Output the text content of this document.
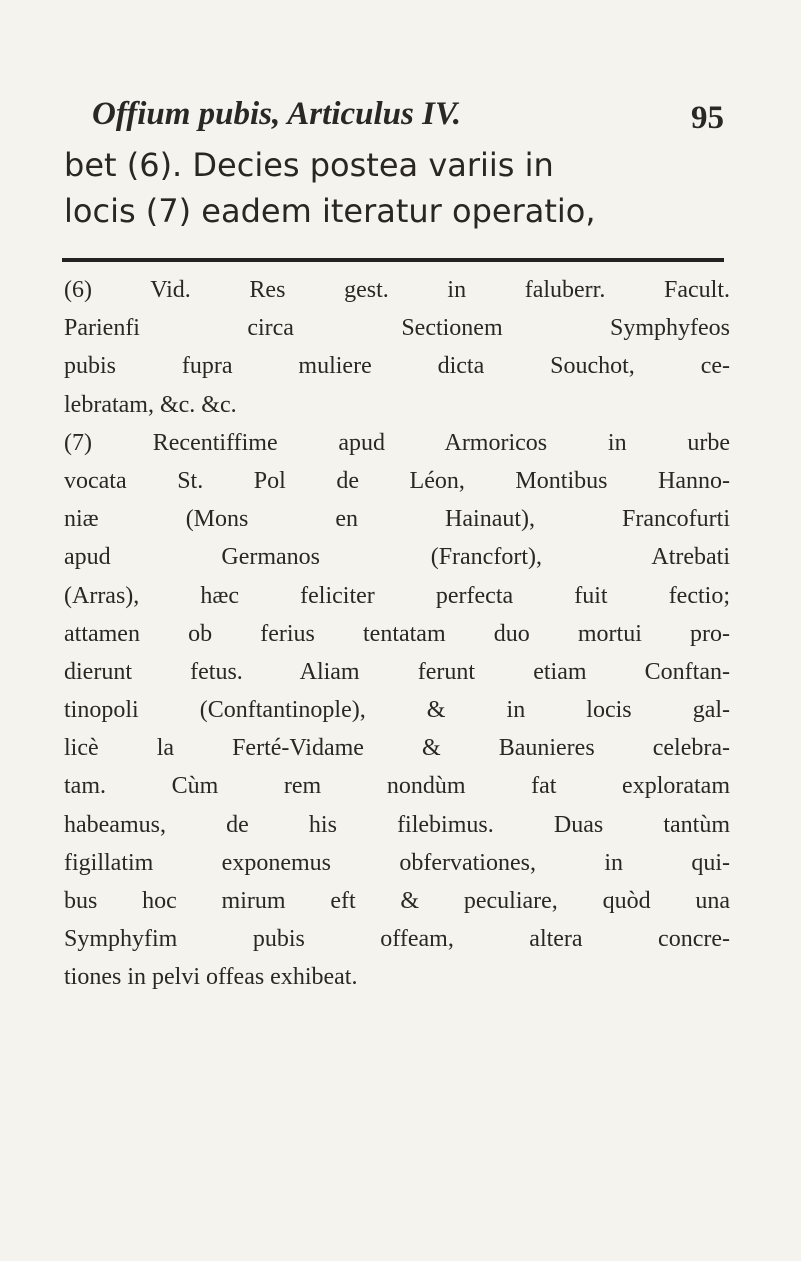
Offium pubis, Articulus IV.	95
bet (6). Decies postea variis in
locis (7) eadem iteratur operatio,
(6) Vid. Res gest. in faluberr. Facult.
Parienfi circa Sectionem Symphyfeos
pubis fupra muliere dicta Souchot, ce-
lebratam, &c. &c.
(7) Recentiffime apud Armoricos in urbe
vocata St. Pol de Léon, Montibus Hanno-
niæ (Mons en Hainaut), Francofurti
apud Germanos (Francfort), Atrebati
(Arras), hæc feliciter perfecta fuit fectio;
attamen ob ferius tentatam duo mortui pro-
dierunt fetus. Aliam ferunt etiam Conftan-
tinopoli (Conftantinople), & in locis gal-
licè la Ferté-Vidame & Baunieres celebra-
tam. Cùm rem nondùm fat exploratam
habeamus, de his filebimus. Duas tantùm
figillatim exponemus obfervationes, in qui-
bus hoc mirum eft & peculiare, quòd una
Symphyfim pubis offeam, altera concre-
tiones in pelvi offeas exhibeat.
